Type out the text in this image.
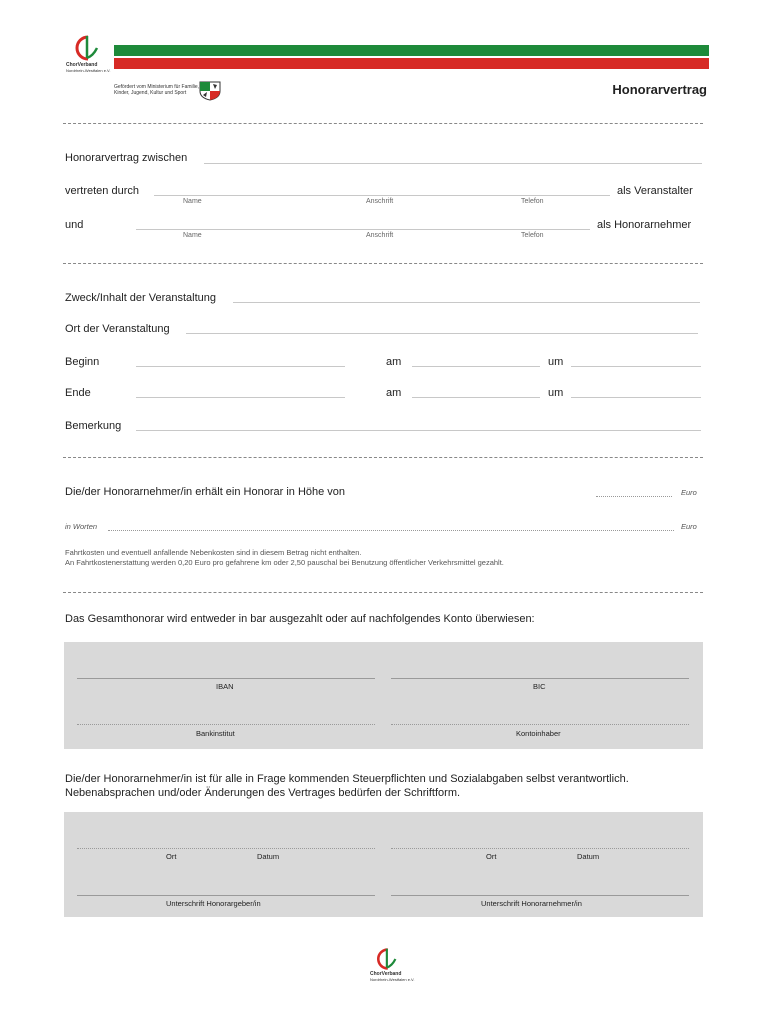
ChorVerband
Nordrhein-Westfalen e.V.
Gefördert vom Ministerium für Familie,
Kinder, Jugend, Kultur und Sport	Honorarvertrag
Honorarvertrag zwischen
vertreten durch	als Veranstalter
Name	Anschrift	Telefon
und	als Honorarnehmer
Name	Anschrift	Telefon
Zweck/Inhalt der Veranstaltung
Ort der Veranstaltung
Beginn	am	um
Ende	am	um
Bemerkung
Die/der Honorarnehmer/in erhält ein Honorar in Höhe von	Euro
in Worten	Euro
Fahrtkosten und eventuell anfallende Nebenkosten sind in diesem Betrag nicht enthalten.
An Fahrtkostenerstattung werden 0,20 Euro pro gefahrene km oder 2,50 pauschal bei Benutzung öffentlicher Verkehrsmittel gezahlt.
Das Gesamthonorar wird entweder in bar ausgezahlt oder auf nachfolgendes Konto überwiesen:
IBAN	BIC
Bankinstitut	Kontoinhaber
Die/der Honorarnehmer/in ist für alle in Frage kommenden Steuerpflichten und Sozialabgaben selbst verantwortlich.
Nebenabsprachen und/oder Änderungen des Vertrages bedürfen der Schriftform.
Ort	Datum	Ort	Datum
Unterschrift Honorargeber/in	Unterschrift Honorarnehmer/in
ChorVerband
Nordrhein-Westfalen e.V.
